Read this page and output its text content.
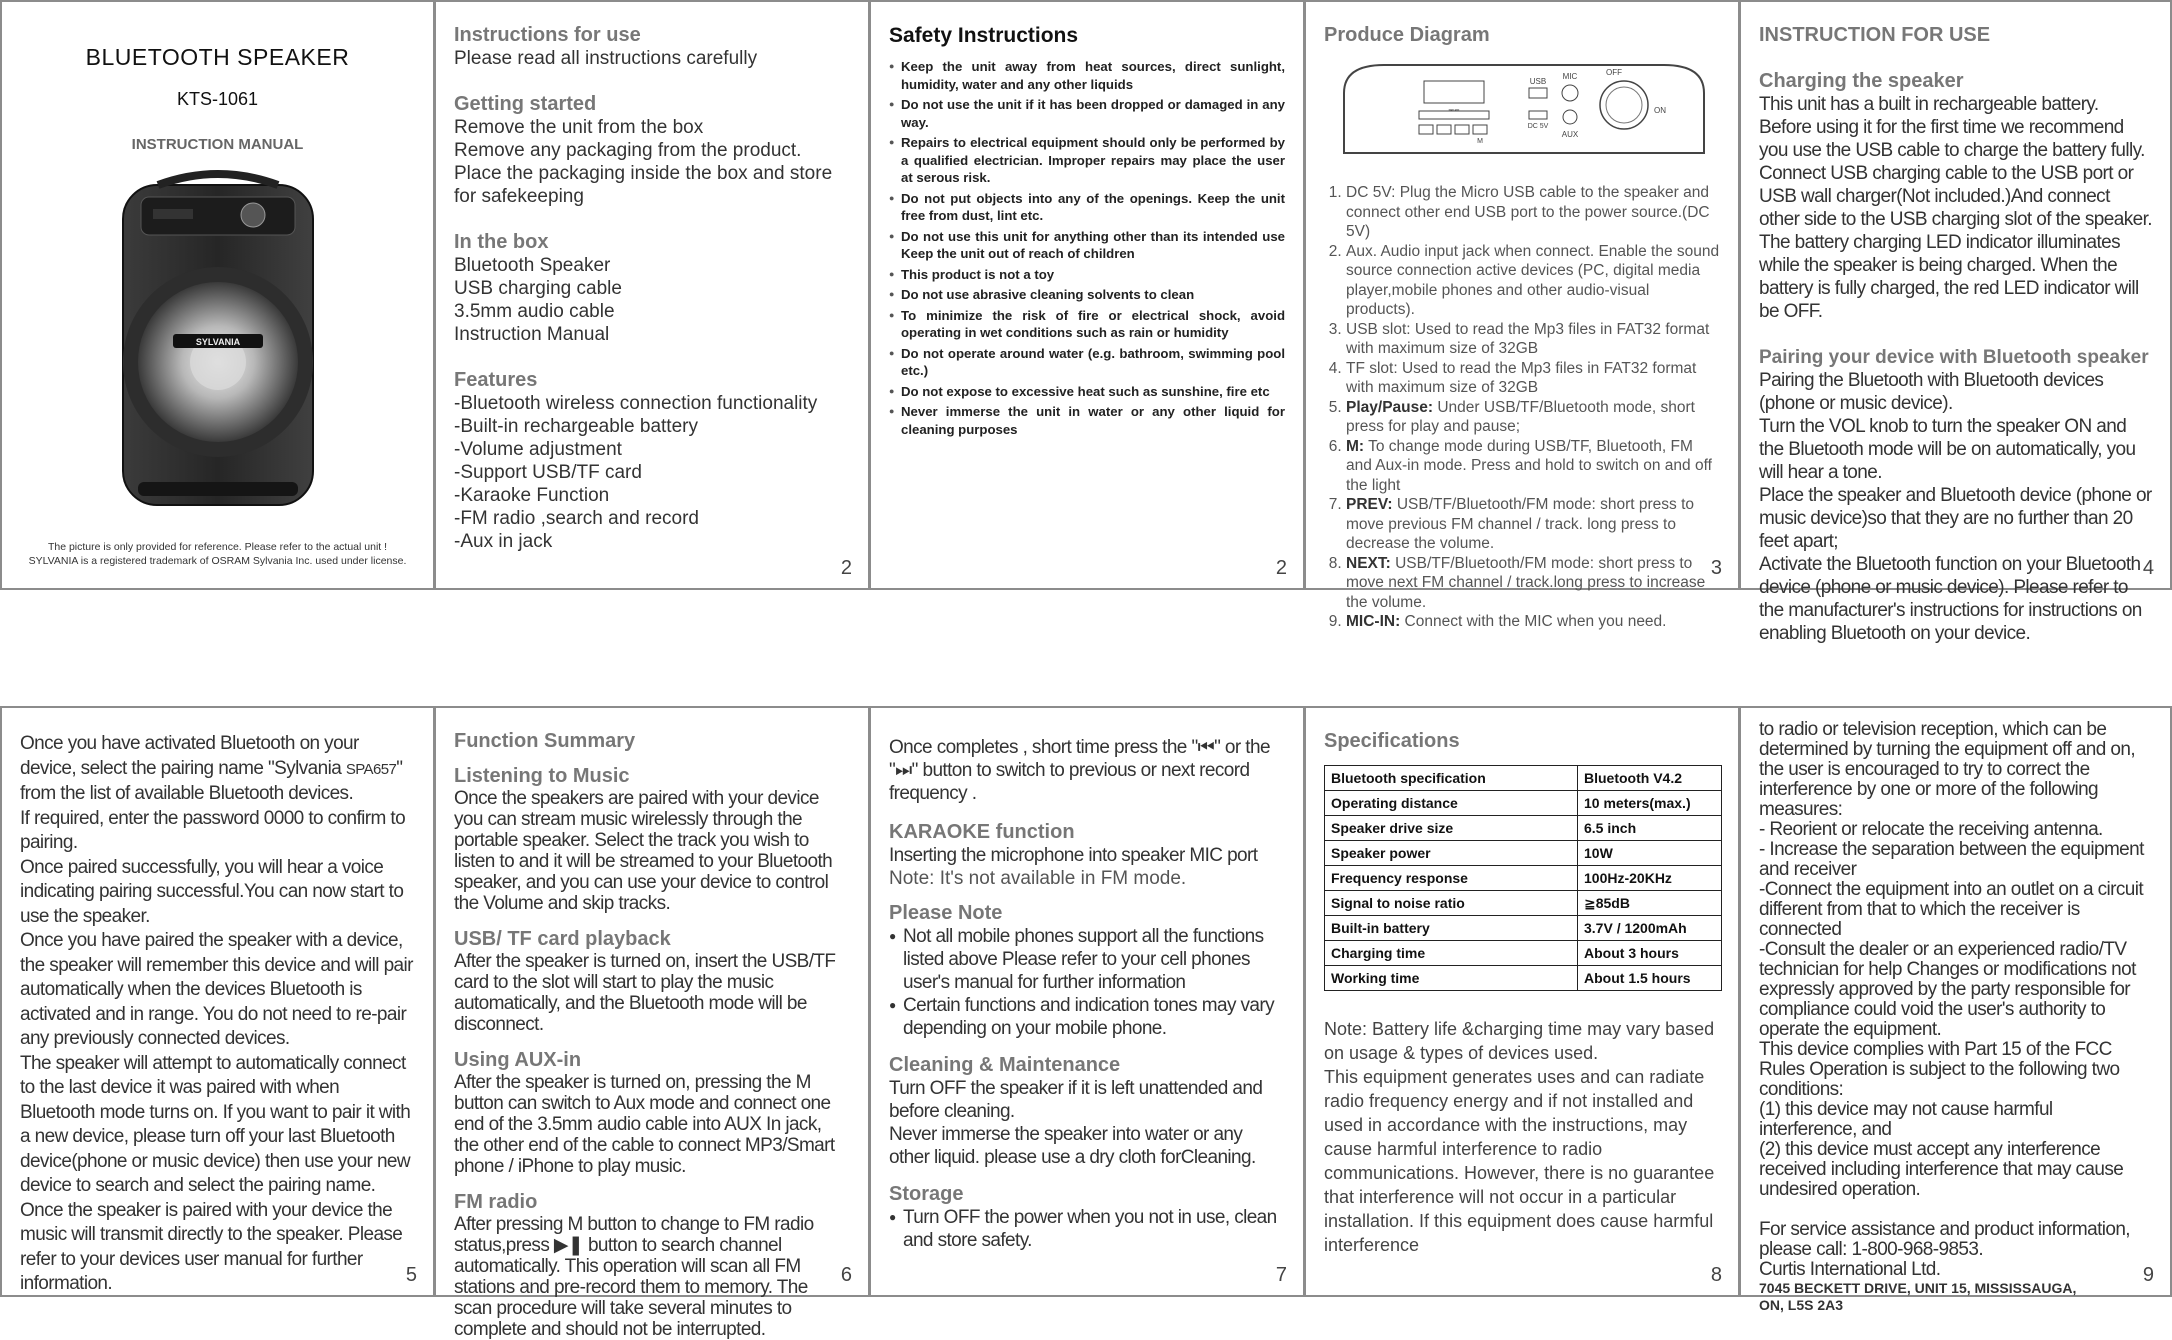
BLUETOOTH SPEAKER
KTS-1061
INSTRUCTION MANUAL
SYLVANIA
The picture is only provided for reference. Please refer to the actual unit !
SYLVANIA is a registered trademark of OSRAM Sylvania Inc. used under license.
Instructions for use
Please read all instructions carefully
Getting started
Remove the unit from the box
Remove any packaging from the product.
Place the packaging inside the box and store for safekeeping
In the box
Bluetooth Speaker
USB charging cable
3.5mm audio cable
Instruction Manual
Features
-Bluetooth wireless connection functionality
-Built-in rechargeable battery
-Volume adjustment
-Support USB/TF card
-Karaoke Function
-FM radio ,search and record
-Aux in jack
2
Safety Instructions
● Keep the unit away from heat sources, direct sunlight, humidity, water and any other liquids
● Do not use the unit if it has been dropped or damaged in any way.
● Repairs to electrical equipment should only be performed by a qualified electrician. Improper repairs may place the user at serous risk.
● Do not put objects into any of the openings. Keep the unit free from dust, lint etc.
● Do not use this unit for anything other than its intended use Keep the unit out of reach of children
● This product is not a toy
● Do not use abrasive cleaning solvents to clean
● To minimize the risk of fire or electrical shock, avoid operating in wet conditions such as rain or humidity
● Do not operate around water (e.g. bathroom, swimming pool etc.)
● Do not expose to excessive heat such as sunshine, fire etc
● Never immerse the unit in water or any other liquid for cleaning purposes
2
Produce Diagram
USB
DC 5V
MIC
AUX
OFF
ON
M
1. DC 5V: Plug the Micro USB cable to the speaker and connect other end USB port to the power source.(DC 5V)
2. Aux. Audio input jack when connect. Enable the sound source connection active devices (PC, digital media player,mobile phones and other audio-visual products).
3. USB slot: Used to read the Mp3 files in FAT32 format with maximum size of 32GB
4. TF slot: Used to read the Mp3 files in FAT32 format with maximum size of 32GB
5. Play/Pause: Under USB/TF/Bluetooth mode, short press for play and pause;
6. M: To change mode during USB/TF, Bluetooth, FM and Aux-in mode. Press and hold to switch on and off the light
7. PREV: USB/TF/Bluetooth/FM mode: short press to move previous FM channel / track. long press to decrease the volume.
8. NEXT: USB/TF/Bluetooth/FM mode: short press to move next FM channel / track.long press to increase the volume.
9. MIC-IN: Connect with the MIC when you need.
3
INSTRUCTION FOR USE
Charging the speaker
This unit has a built in rechargeable battery. Before using it for the first time we recommend you use the USB cable to charge the battery fully. Connect USB charging cable to the USB port or USB wall charger(Not included.)And connect other side to the USB charging slot of the speaker. The battery charging LED indicator illuminates while the speaker is being charged. When the battery is fully charged, the red LED indicator will be OFF.
Pairing your device with Bluetooth speaker
Pairing the Bluetooth with Bluetooth devices (phone or music device).
Turn the VOL knob to turn the speaker ON and the Bluetooth mode will be on automatically, you will hear a tone.
Place the speaker and Bluetooth device (phone or music device)so that they are no further than 20 feet apart;
Activate the Bluetooth function on your Bluetooth device (phone or music device). Please refer to the manufacturer's instructions for instructions on enabling Bluetooth on your device.
4
Once you have activated Bluetooth on your device, select the pairing name "Sylvania SPA657" from the list of available Bluetooth devices.
If required, enter the password 0000 to confirm to pairing.
Once paired successfully, you will hear a voice indicating pairing successful.You can now start to use the speaker.
Once you have paired the speaker with a device, the speaker will remember this device and will pair automatically when the devices Bluetooth is activated and in range. You do not need to re-pair any previously connected devices.
The speaker will attempt to automatically connect to the last device it was paired with when Bluetooth mode turns on. If you want to pair it with a new device, please turn off your last Bluetooth device(phone or music device) then use your new device to search and select the pairing name.
Once the speaker is paired with your device the music will transmit directly to the speaker. Please refer to your devices user manual for further information.	5
Function Summary
Listening to Music
Once the speakers are paired with your device you can stream music wirelessly through the portable speaker. Select the track you wish to listen to and it will be streamed to your Bluetooth speaker, and you can use your device to control the Volume and skip tracks.
USB/ TF card playback
After the speaker is turned on, insert the USB/TF card to the slot will start to play the music automatically, and the Bluetooth mode will be disconnect.
Using AUX-in
After the speaker is turned on, pressing the M button can switch to Aux mode and connect one end of the 3.5mm audio cable into AUX In jack, the other end of the cable to connect MP3/Smart phone / iPhone to play music.
FM radio
After pressing M button to change to FM radio status,press ▶❚ button to search channel automatically. This operation will scan all FM stations and pre-record them to memory. The scan procedure will take several minutes to complete and should not be interrupted.
6
Once completes , short time press the "⏮" or the "⏭" button to switch to previous or next record frequency .
KARAOKE function
Inserting the microphone into speaker MIC port
Note: It's not available in FM mode.
Please Note
● Not all mobile phones support all the functions listed above Please refer to your cell phones user's manual for further information
● Certain functions and indication tones may vary depending on your mobile phone.
Cleaning & Maintenance
Turn OFF the speaker if it is left unattended and before cleaning.
Never immerse the speaker into water or any other liquid. please use a dry cloth forCleaning.
Storage
● Turn OFF the power when you not in use, clean and store safety.
7
Specifications
Bluetooth specification	Bluetooth V4.2
Operating distance	10 meters(max.)
Speaker drive size	6.5 inch
Speaker power	10W
Frequency response	100Hz-20KHz
Signal to noise ratio	≧85dB
Built-in battery	3.7V / 1200mAh
Charging time	About 3 hours
Working time	About 1.5 hours
Note: Battery life &charging time may vary based on usage & types of devices used.
This equipment generates uses and can radiate radio frequency energy and if not installed and used in accordance with the instructions, may cause harmful interference to radio communications. However, there is no guarantee that interference will not occur in a particular installation. If this equipment does cause harmful interference
8
to radio or television reception, which can be determined by turning the equipment off and on, the user is encouraged to try to correct the interference by one or more of the following measures:
- Reorient or relocate the receiving antenna.
- Increase the separation between the equipment and receiver
-Connect the equipment into an outlet on a circuit different from that to which the receiver is connected
-Consult the dealer or an experienced radio/TV technician for help Changes or modifications not expressly approved by the party responsible for compliance could void the user's authority to operate the equipment.
This device complies with Part 15 of the FCC Rules Operation is subject to the following two conditions:
(1) this device may not cause harmful interference, and
(2) this device must accept any interference received including interference that may cause undesired operation.
For service assistance and product information, please call: 1-800-968-9853.
Curtis International Ltd.
7045 BECKETT DRIVE, UNIT 15, MISSISSAUGA,
ON, L5S 2A3
9
